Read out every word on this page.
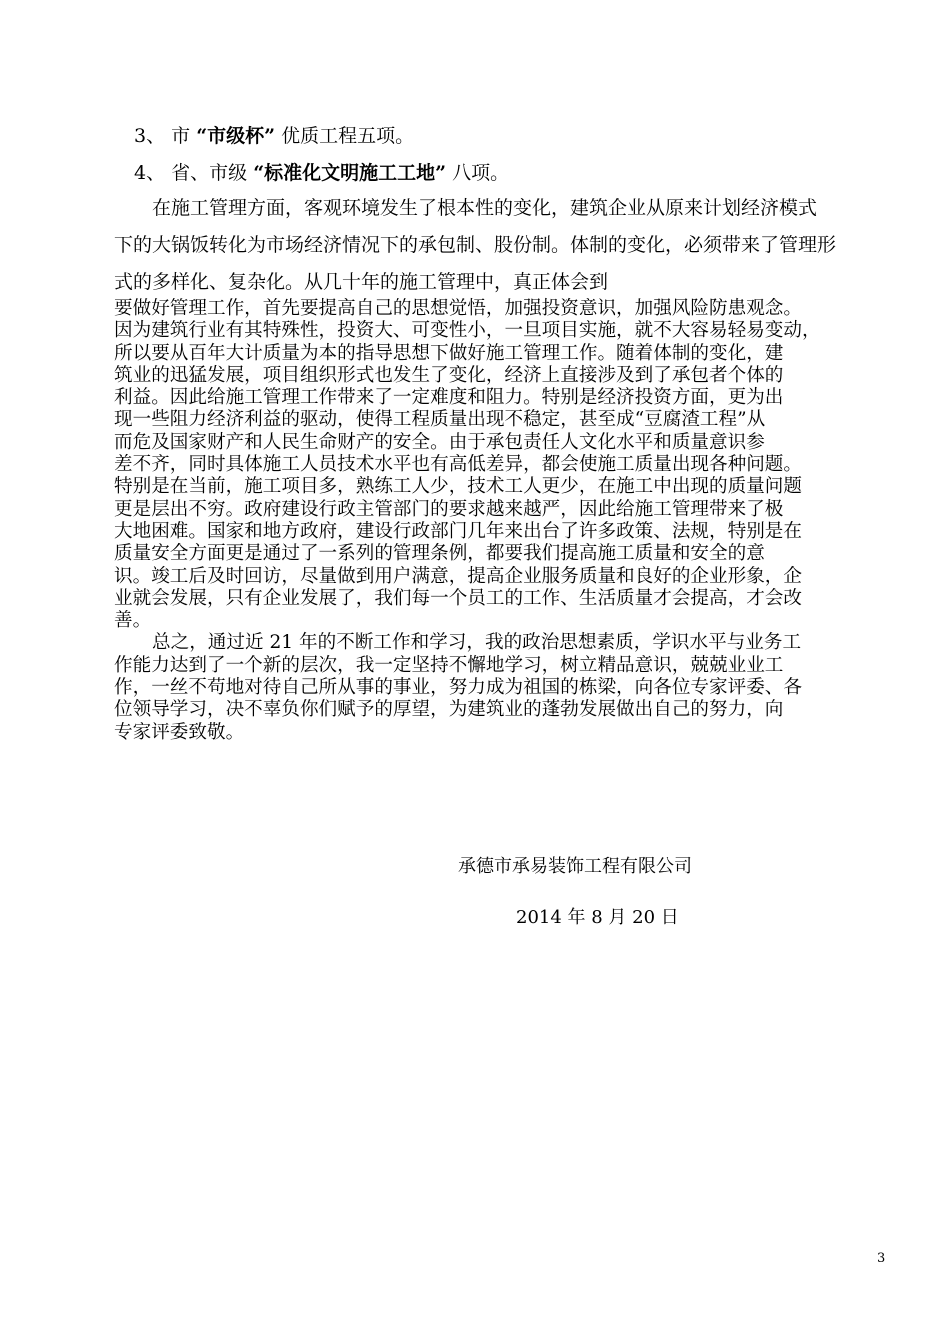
3、 市 “市级杯” 优质工程五项。
4、 省、市级 “标准化文明施工工地” 八项。
在施工管理方面，客观环境发生了根本性的变化，建筑企业从原来计划经济模式
下的大锅饭转化为市场经济情况下的承包制、股份制。体制的变化，必须带来了管理形
式的多样化、复杂化。从几十年的施工管理中，真正体会到
要做好管理工作，首先要提高自己的思想觉悟，加强投资意识，加强风险防患观念。
因为建筑行业有其特殊性，投资大、可变性小，一旦项目实施，就不大容易轻易变动，
所以要从百年大计质量为本的指导思想下做好施工管理工作。随着体制的变化，建
筑业的迅猛发展，项目组织形式也发生了变化，经济上直接涉及到了承包者个体的
利益。因此给施工管理工作带来了一定难度和阻力。特别是经济投资方面，更为出
现一些阻力经济利益的驱动，使得工程质量出现不稳定，甚至成“豆腐渣工程”从
而危及国家财产和人民生命财产的安全。由于承包责任人文化水平和质量意识参
差不齐，同时具体施工人员技术水平也有高低差异，都会使施工质量出现各种问题。
特别是在当前，施工项目多，熟练工人少，技术工人更少，在施工中出现的质量问题
更是层出不穷。政府建设行政主管部门的要求越来越严，因此给施工管理带来了极
大地困难。国家和地方政府，建设行政部门几年来出台了许多政策、法规，特别是在
质量安全方面更是通过了一系列的管理条例，都要我们提高施工质量和安全的意
识。竣工后及时回访，尽量做到用户满意，提高企业服务质量和良好的企业形象，企
业就会发展，只有企业发展了，我们每一个员工的工作、生活质量才会提高，才会改
善。
总之，通过近 21 年的不断工作和学习，我的政治思想素质，学识水平与业务工
作能力达到了一个新的层次，我一定坚持不懈地学习，树立精品意识，兢兢业业工
作，一丝不苟地对待自己所从事的事业，努力成为祖国的栋梁，向各位专家评委、各
位领导学习，决不辜负你们赋予的厚望，为建筑业的蓬勃发展做出自己的努力，向
专家评委致敬。
承德市承易装饰工程有限公司
2014 年 8 月 20 日
3
